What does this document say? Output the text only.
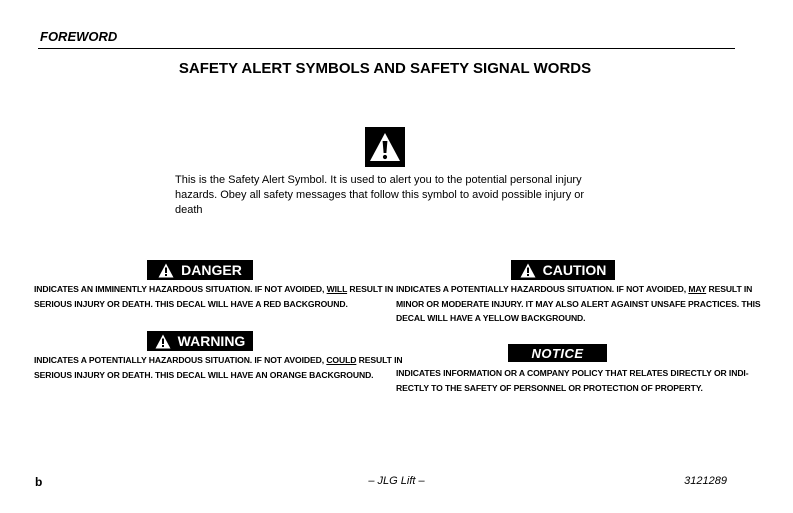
FOREWORD
SAFETY ALERT SYMBOLS AND SAFETY SIGNAL WORDS
This is the Safety Alert Symbol. It is used to alert you to the potential personal injury
hazards. Obey all safety messages that follow this symbol to avoid possible injury or
death
DANGER
INDICATES AN IMMINENTLY HAZARDOUS SITUATION. IF NOT AVOIDED, WILL RESULT IN
SERIOUS INJURY OR DEATH. THIS DECAL WILL HAVE A RED BACKGROUND.
WARNING
INDICATES A POTENTIALLY HAZARDOUS SITUATION. IF NOT AVOIDED, COULD RESULT IN
SERIOUS INJURY OR DEATH. THIS DECAL WILL HAVE AN ORANGE BACKGROUND.
CAUTION
INDICATES A POTENTIALLY HAZARDOUS SITUATION. IF NOT AVOIDED, MAY RESULT IN
MINOR OR MODERATE INJURY. IT MAY ALSO ALERT AGAINST UNSAFE PRACTICES. THIS
DECAL WILL HAVE A YELLOW BACKGROUND.
NOTICE
INDICATES INFORMATION OR A COMPANY POLICY THAT RELATES DIRECTLY OR INDI-
RECTLY TO THE SAFETY OF PERSONNEL OR PROTECTION OF PROPERTY.
b	– JLG Lift –	3121289
